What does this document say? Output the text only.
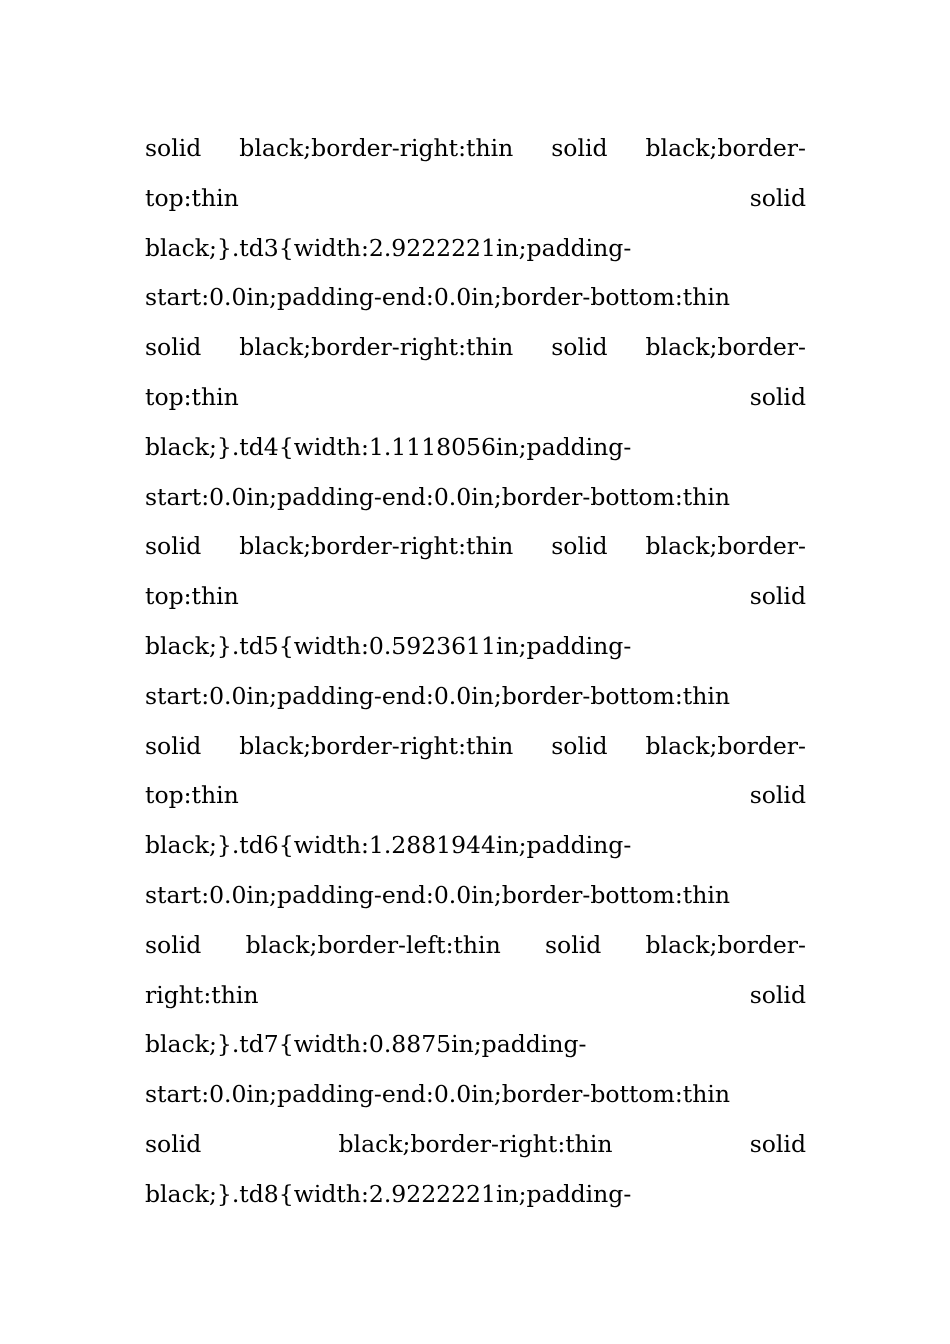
solid black;border-right:thin solid black;border-
top:thin	solid
black;}.td3{width:2.9222221in;padding-
start:0.0in;padding-end:0.0in;border-bottom:thin
solid black;border-right:thin solid black;border-
top:thin	solid
black;}.td4{width:1.1118056in;padding-
start:0.0in;padding-end:0.0in;border-bottom:thin
solid black;border-right:thin solid black;border-
top:thin	solid
black;}.td5{width:0.5923611in;padding-
start:0.0in;padding-end:0.0in;border-bottom:thin
solid black;border-right:thin solid black;border-
top:thin	solid
black;}.td6{width:1.2881944in;padding-
start:0.0in;padding-end:0.0in;border-bottom:thin
solid black;border-left:thin solid black;border-
right:thin	solid
black;}.td7{width:0.8875in;padding-
start:0.0in;padding-end:0.0in;border-bottom:thin
solid	black;border-right:thin	solid
black;}.td8{width:2.9222221in;padding-
